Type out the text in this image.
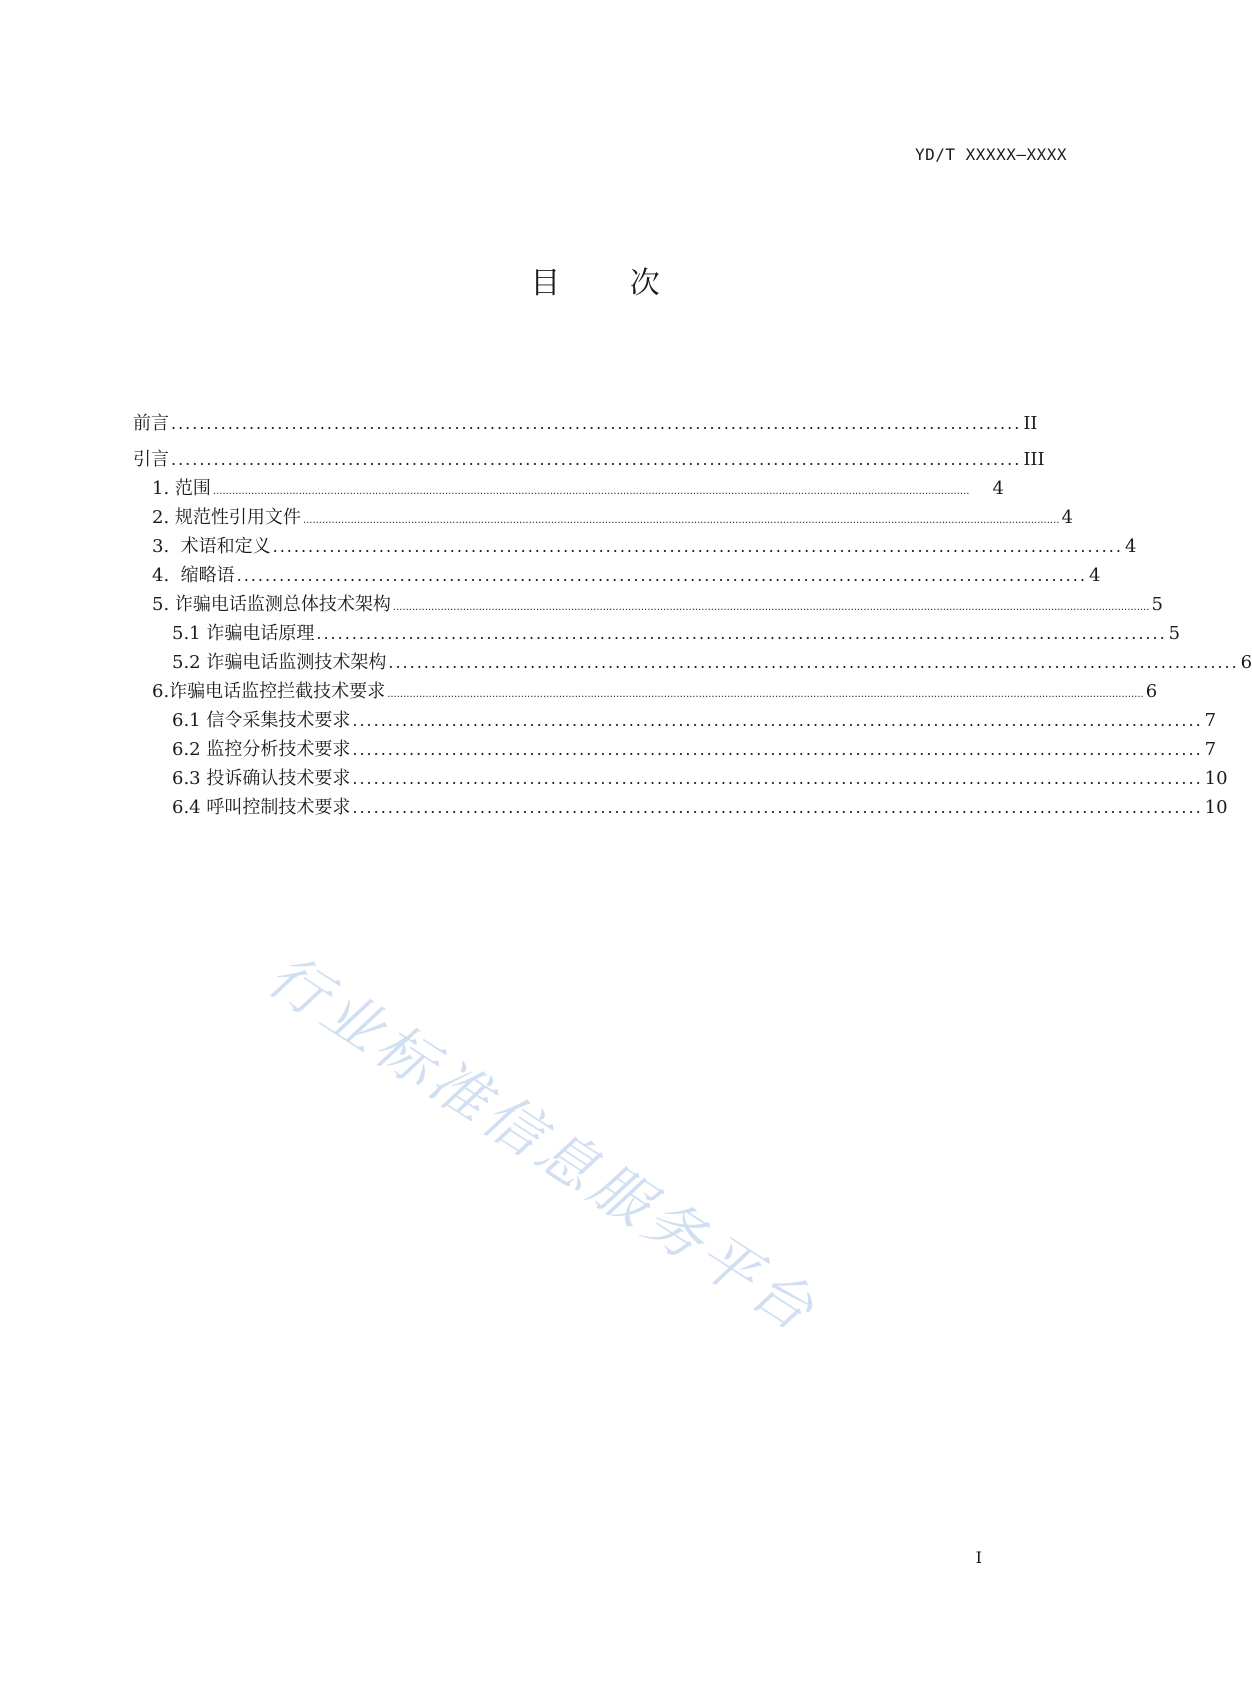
YD/T XXXXX—XXXX
目 次
前言 ........................................................................................................................ II
引言 ........................................................................................................................ III
1. 范围 ..............................................................................................................................................................................................................................................	4
2. 规范性引用文件 .............................................................................................................................................................................................................................................. 4
3.  术语和定义 ........................................................................................................................ 4
4.  缩略语 ........................................................................................................................ 4
5. 诈骗电话监测总体技术架构 .............................................................................................................................................................................................................................................. 5
5.1 诈骗电话原理 ........................................................................................................................ 5
5.2 诈骗电话监测技术架构 ........................................................................................................................ 6
6.诈骗电话监控拦截技术要求 .............................................................................................................................................................................................................................................. 6
6.1 信令采集技术要求 ........................................................................................................................ 7
6.2 监控分析技术要求 ........................................................................................................................ 7
6.3 投诉确认技术要求 ........................................................................................................................ 10
6.4 呼叫控制技术要求 ........................................................................................................................ 10
行业标准信息服务平台
I
